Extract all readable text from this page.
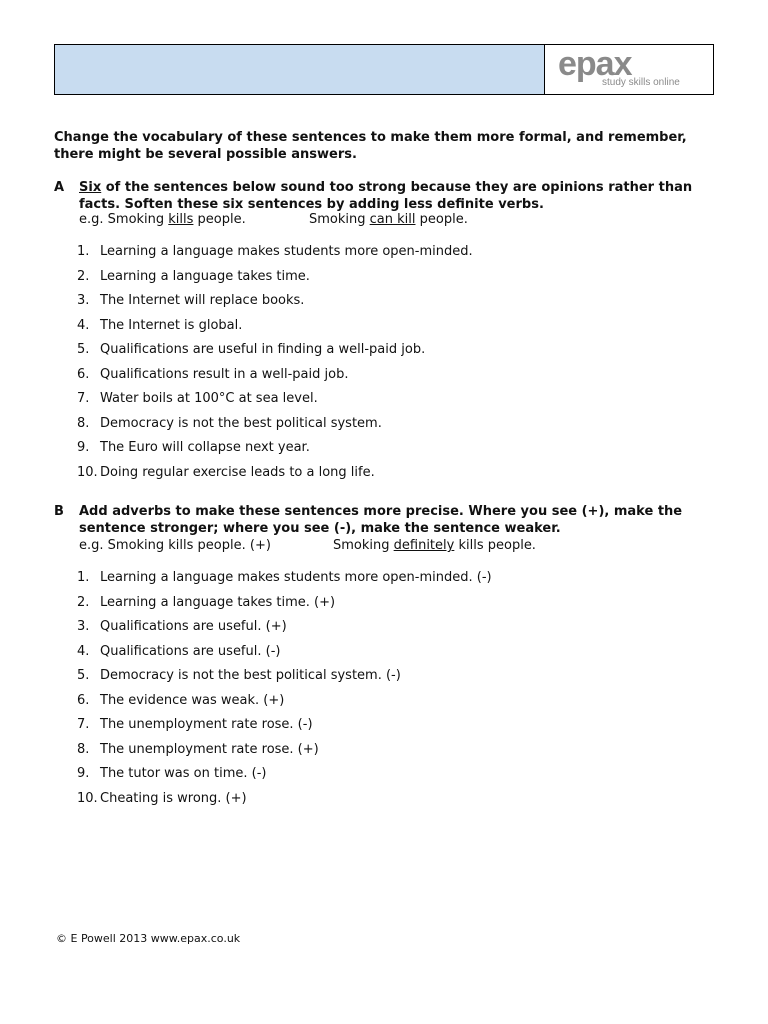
epax
study skills online

Change the vocabulary of these sentences to make them more formal, and remember, there might be several possible answers.

A Six of the sentences below sound too strong because they are opinions rather than facts. Soften these six sentences by adding less definite verbs.
e.g. Smoking kills people.	Smoking can kill people.
1. Learning a language makes students more open-minded.
2. Learning a language takes time.
3. The Internet will replace books.
4. The Internet is global.
5. Qualifications are useful in finding a well-paid job.
6. Qualifications result in a well-paid job.
7. Water boils at 100°C at sea level.
8. Democracy is not the best political system.
9. The Euro will collapse next year.
10. Doing regular exercise leads to a long life.
B Add adverbs to make these sentences more precise. Where you see (+), make the sentence stronger; where you see (-), make the sentence weaker.
e.g. Smoking kills people. (+)	Smoking definitely kills people.
1. Learning a language makes students more open-minded. (-)
2. Learning a language takes time. (+)
3. Qualifications are useful. (+)
4. Qualifications are useful. (-)
5. Democracy is not the best political system. (-)
6. The evidence was weak. (+)
7. The unemployment rate rose. (-)
8. The unemployment rate rose. (+)
9. The tutor was on time. (-)
10. Cheating is wrong. (+)
© E Powell 2013 www.epax.co.uk
